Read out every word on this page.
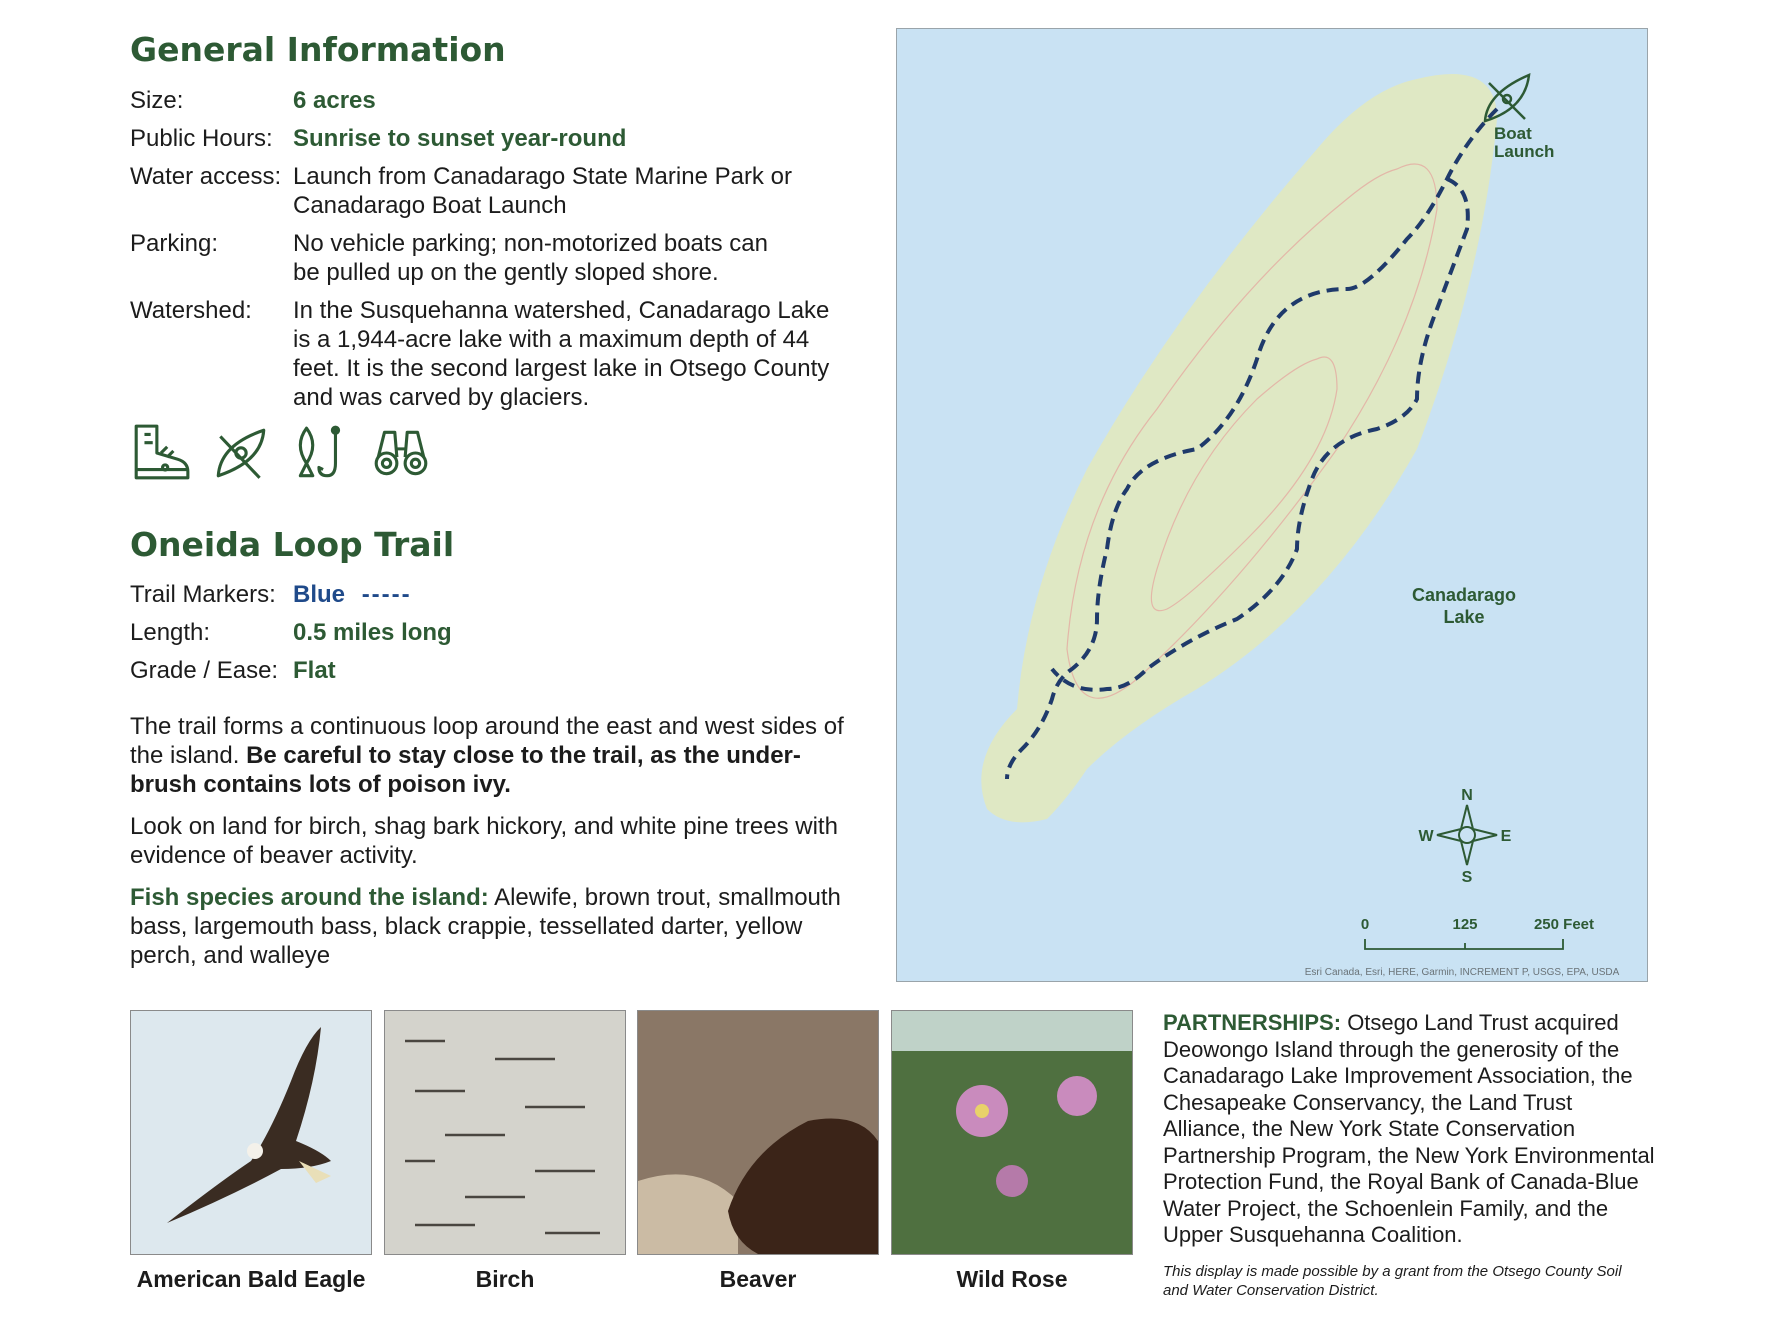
General Information
Size:	6 acres
Public Hours: Sunrise to sunset year-round
Water access: Launch from Canadarago State Marine Park or Canadarago Boat Launch
Parking:	No vehicle parking; non-motorized boats can be pulled up on the gently sloped shore.
Watershed: In the Susquehanna watershed, Canadarago Lake is a 1,944-acre lake with a maximum depth of 44 feet. It is the second largest lake in Otsego County and was carved by glaciers.
Oneida Loop Trail
Trail Markers: Blue -----
Length:	0.5 miles long
Grade / Ease: Flat

The trail forms a continuous loop around the east and west sides of the island. Be careful to stay close to the trail, as the underbrush contains lots of poison ivy.

Look on land for birch, shag bark hickory, and white pine trees with evidence of beaver activity.

Fish species around the island: Alewife, brown trout, smallmouth bass, largemouth bass, black crappie, tessellated darter, yellow perch, and walleye

Boat
Launch
Canadarago
Lake
N
S
W	E
0	125	250 Feet
Esri Canada, Esri, HERE, Garmin, INCREMENT P, USGS, EPA, USDA
American Bald Eagle	Birch	Beaver	Wild Rose

PARTNERSHIPS: Otsego Land Trust acquired Deowongo Island through the generosity of the Canadarago Lake Improvement Association, the Chesapeake Conservancy, the Land Trust Alliance, the New York State Conservation Partnership Program, the New York Environmental Protection Fund, the Royal Bank of Canada-Blue Water Project, the Schoenlein Family, and the Upper Susquehanna Coalition.

This display is made possible by a grant from the Otsego County Soil and Water Conservation District.
